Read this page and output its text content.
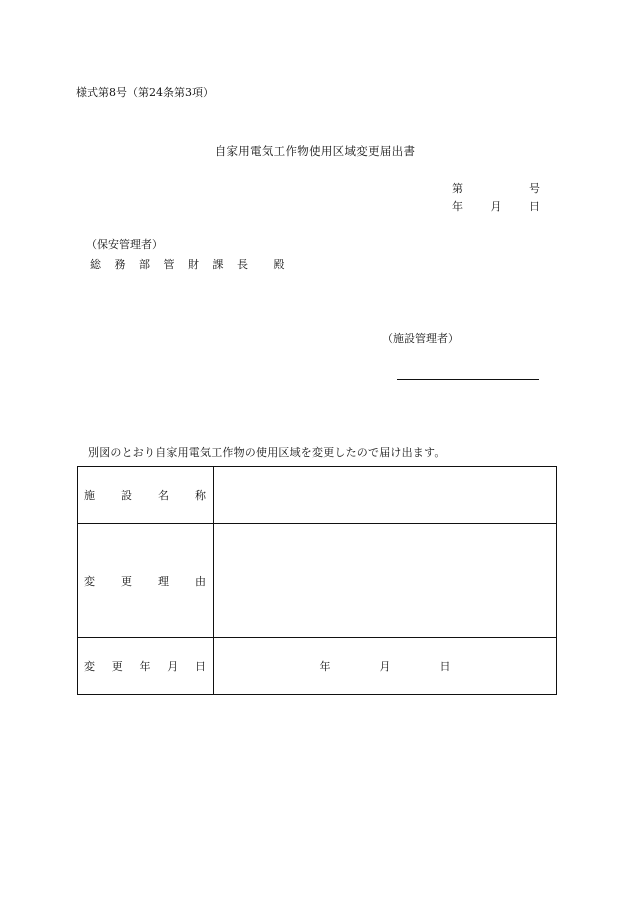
様式第8号（第24条第3項）
自家用電気工作物使用区域変更届出書
第	号
年	月	日
（保安管理者）
総 務 部 管 財 課 長 殿
（施設管理者）
別図のとおり自家用電気工作物の使用区域を変更したので届け出ます。
施 設 名 称	

変 更 理 由	

変 更 年 月 日	年 月 日
